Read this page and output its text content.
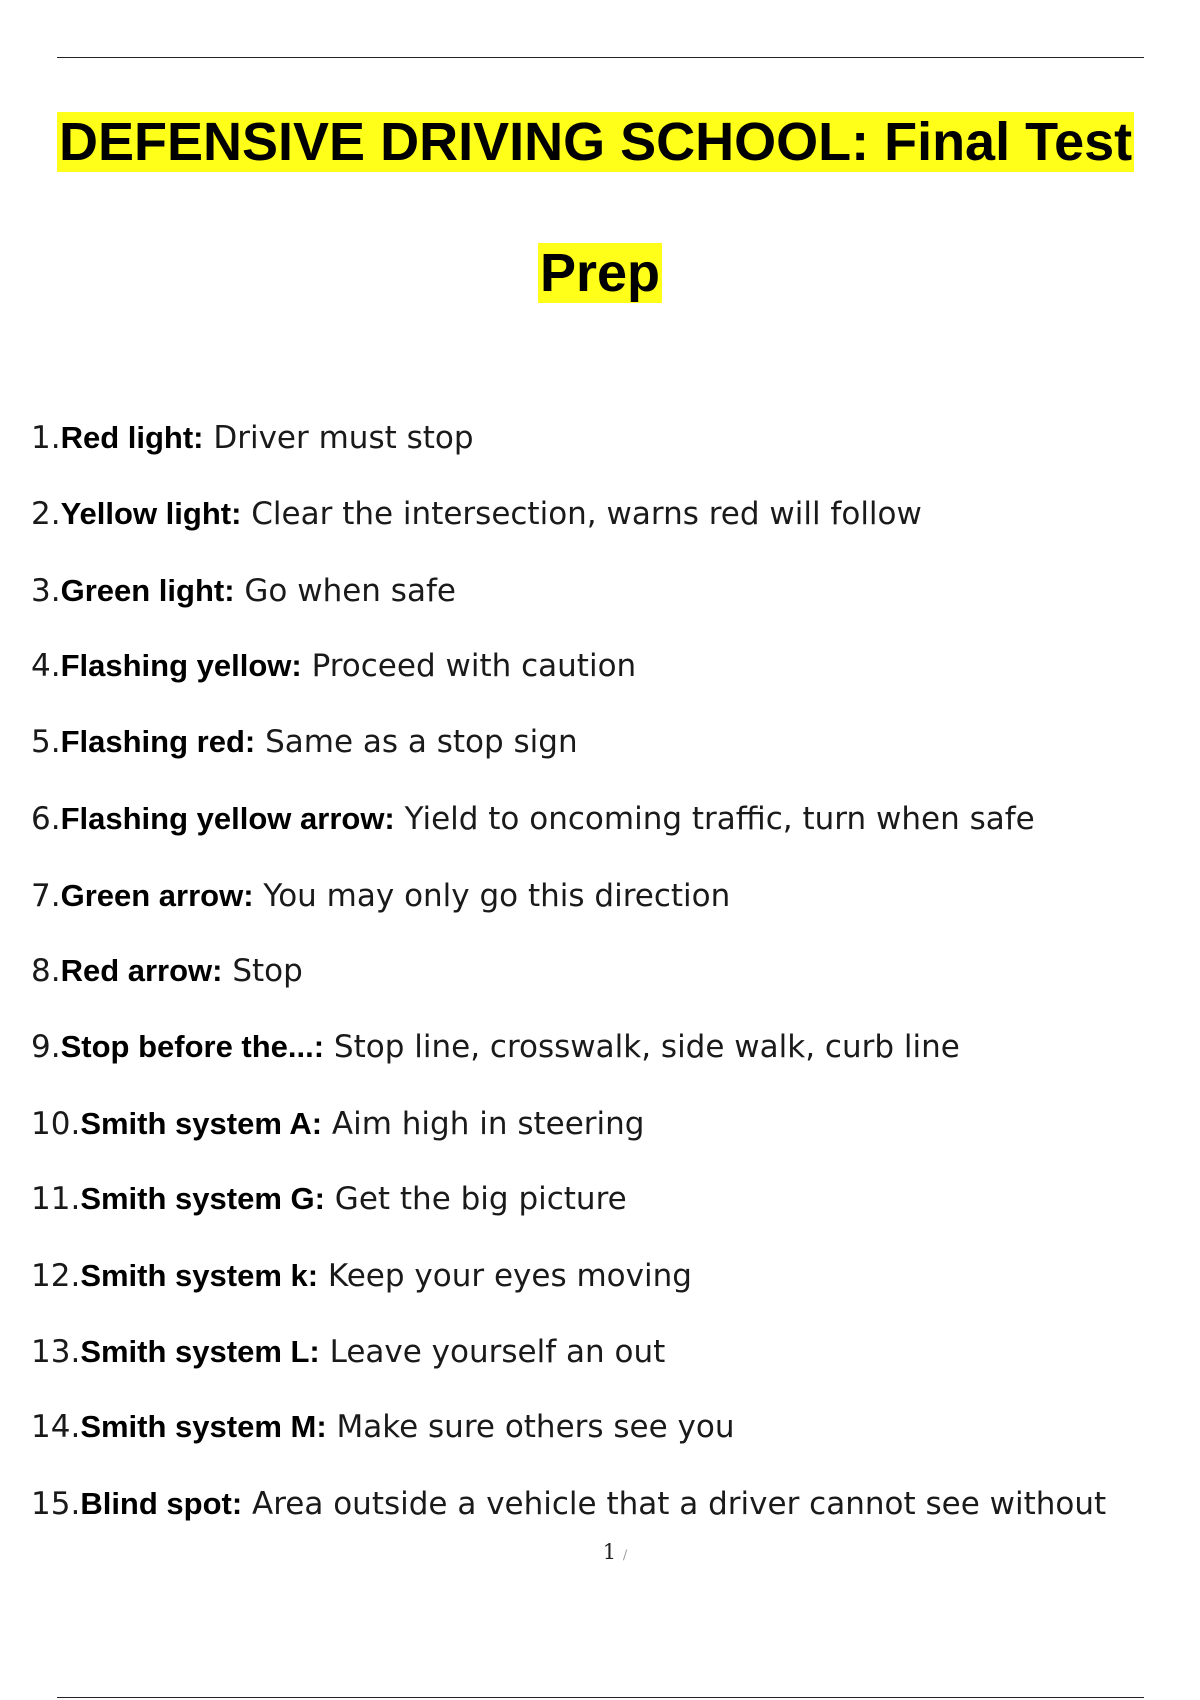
DEFENSIVE DRIVING SCHOOL: Final Test
Prep
1.Red light: Driver must stop
2.Yellow light: Clear the intersection, warns red will follow
3.Green light: Go when safe
4.Flashing yellow: Proceed with caution
5.Flashing red: Same as a stop sign
6.Flashing yellow arrow: Yield to oncoming traffic, turn when safe
7.Green arrow: You may only go this direction
8.Red arrow: Stop
9.Stop before the...: Stop line, crosswalk, side walk, curb line
10.Smith system A: Aim high in steering
11.Smith system G: Get the big picture
12.Smith system k: Keep your eyes moving
13.Smith system L: Leave yourself an out
14.Smith system M: Make sure others see you
15.Blind spot: Area outside a vehicle that a driver cannot see without
1 /
